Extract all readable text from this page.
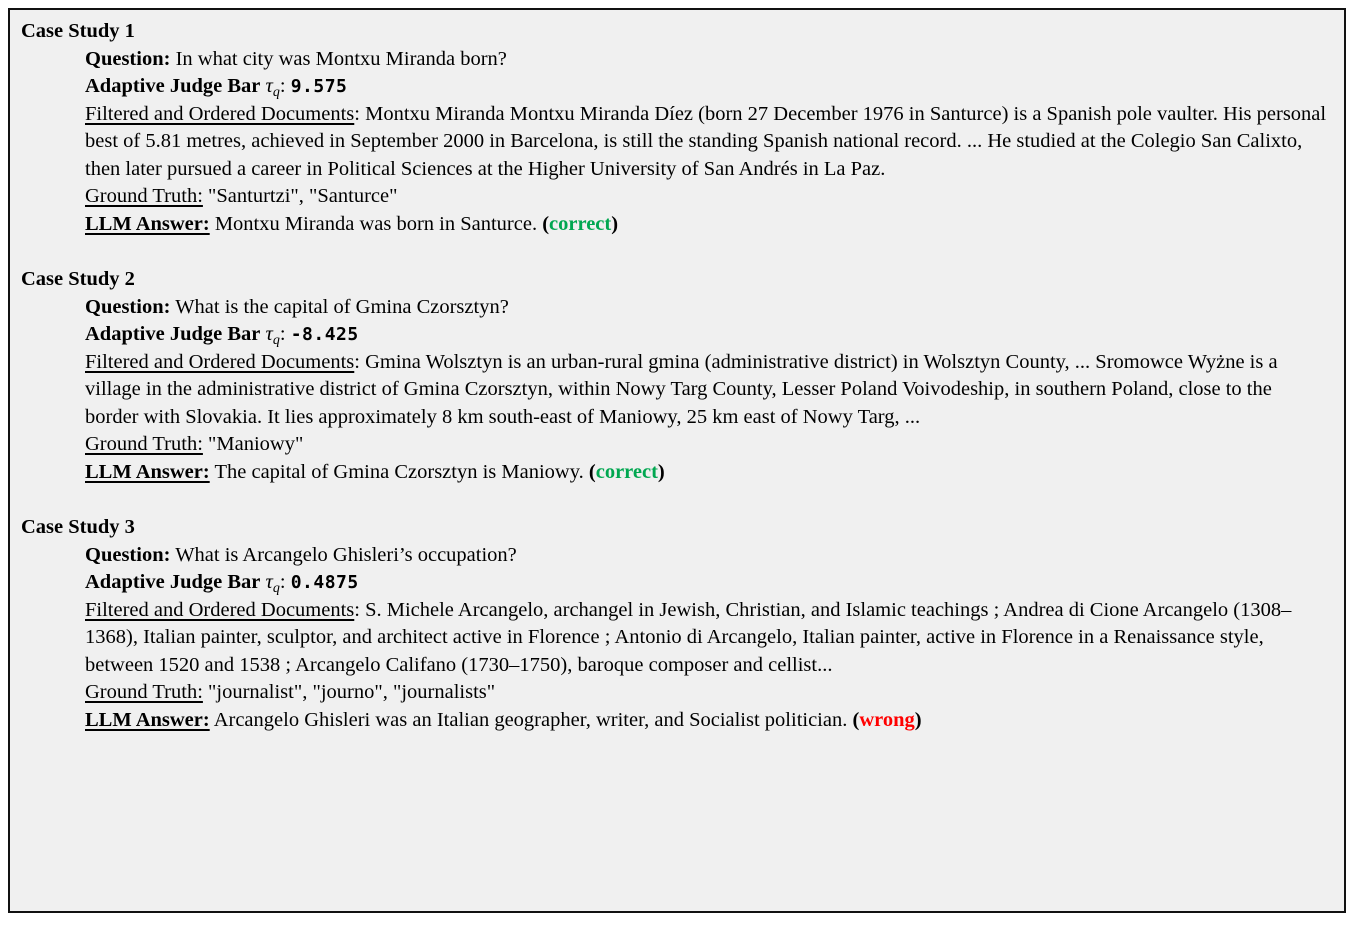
Case Study 1
Question: In what city was Montxu Miranda born?
Adaptive Judge Bar $\tau_q$: 9.575
Filtered and Ordered Documents: Montxu Miranda Montxu Miranda Díez (born 27 December 1976 in Santurce) is a Spanish pole vaulter. His personal best of 5.81 metres, achieved in September 2000 in Barcelona, is still the standing Spanish national record. ... He studied at the Colegio San Calixto, then later pursued a career in Political Sciences at the Higher University of San Andrés in La Paz.
Ground Truth: "Santurtzi", "Santurce"
LLM Answer: Montxu Miranda was born in Santurce. (correct)
Case Study 2
Question: What is the capital of Gmina Czorsztyn?
Adaptive Judge Bar $\tau_q$: -8.425
Filtered and Ordered Documents: Gmina Wolsztyn is an urban-rural gmina (administrative district) in Wolsztyn County, ... Sromowce Wyżne is a village in the administrative district of Gmina Czorsztyn, within Nowy Targ County, Lesser Poland Voivodeship, in southern Poland, close to the border with Slovakia. It lies approximately 8 km south-east of Maniowy, 25 km east of Nowy Targ, ...
Ground Truth: "Maniowy"
LLM Answer: The capital of Gmina Czorsztyn is Maniowy. (correct)
Case Study 3
Question: What is Arcangelo Ghisleri’s occupation?
Adaptive Judge Bar $\tau_q$: 0.4875
Filtered and Ordered Documents: S. Michele Arcangelo, archangel in Jewish, Christian, and Islamic teachings ; Andrea di Cione Arcangelo (1308–1368), Italian painter, sculptor, and architect active in Florence ; Antonio di Arcangelo, Italian painter, active in Florence in a Renaissance style, between 1520 and 1538 ; Arcangelo Califano (1730–1750), baroque composer and cellist...
Ground Truth: "journalist", "journo", "journalists"
LLM Answer: Arcangelo Ghisleri was an Italian geographer, writer, and Socialist politician. (wrong)
